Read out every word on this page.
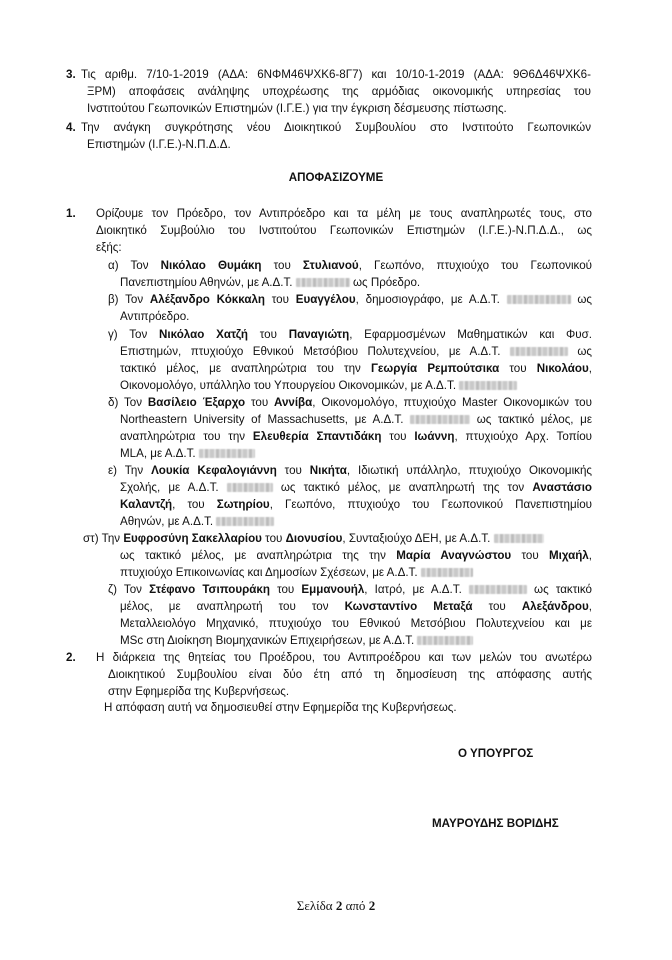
3. Τις αριθμ. 7/10-1-2019 (ΑΔΑ: 6ΝΦΜ46ΨΧΚ6-8Γ7) και 10/10-1-2019 (ΑΔΑ: 9Θ6Δ46ΨΧΚ6-
ΞΡΜ) αποφάσεις ανάληψης υποχρέωσης της αρμόδιας οικονομικής υπηρεσίας του
Ινστιτούτου Γεωπονικών Επιστημών (Ι.Γ.Ε.) για την έγκριση δέσμευσης πίστωσης.
4. Την ανάγκη συγκρότησης νέου Διοικητικού Συμβουλίου στο Ινστιτούτο Γεωπονικών
Επιστημών (Ι.Γ.Ε.)-Ν.Π.Δ.Δ.
ΑΠΟΦΑΣΙΖΟΥΜΕ
1. Ορίζουμε τον Πρόεδρο, τον Αντιπρόεδρο και τα μέλη με τους αναπληρωτές τους, στο
Διοικητικό Συμβούλιο του Ινστιτούτου Γεωπονικών Επιστημών (Ι.Γ.Ε.)-Ν.Π.Δ.Δ., ως
εξής:
α) Τον Νικόλαο Θυμάκη του Στυλιανού, Γεωπόνο, πτυχιούχο του Γεωπονικού
Πανεπιστημίου Αθηνών, με Α.Δ.Τ.	ως Πρόεδρο.
β) Τον Αλέξανδρο Κόκκαλη του Ευαγγέλου, δημοσιογράφο, με Α.Δ.Τ.	ως
Αντιπρόεδρο.
γ) Τον Νικόλαο Χατζή του Παναγιώτη, Εφαρμοσμένων Μαθηματικών και Φυσ.
Επιστημών, πτυχιούχο Εθνικού Μετσόβιου Πολυτεχνείου, με Α.Δ.Τ.	ως
τακτικό μέλος, με αναπληρώτρια του την Γεωργία Ρεμπούτσικα του Νικολάου,
Οικονομολόγο, υπάλληλο του Υπουργείου Οικονομικών, με Α.Δ.Τ.
δ) Τον Βασίλειο Έξαρχο του Αννίβα, Οικονομολόγο, πτυχιούχο Master Οικονομικών του
Northeastern University of Massachusetts, με Α.Δ.Τ.	ως τακτικό μέλος, με
αναπληρώτρια του την Ελευθερία Σπαντιδάκη του Ιωάννη, πτυχιούχο Αρχ. Τοπίου
MLA, με Α.Δ.Τ.
ε) Την Λουκία Κεφαλογιάννη του Νικήτα, Ιδιωτική υπάλληλο, πτυχιούχο Οικονομικής
Σχολής, με Α.Δ.Τ.	ως τακτικό μέλος, με αναπληρωτή της τον Αναστάσιο
Καλαντζή, του Σωτηρίου, Γεωπόνο, πτυχιούχο του Γεωπονικού Πανεπιστημίου
Αθηνών, με Α.Δ.Τ.
στ) Την Ευφροσύνη Σακελλαρίου του Διονυσίου, Συνταξιούχο ΔΕΗ, με Α.Δ.Τ.
ως τακτικό μέλος, με αναπληρώτρια της την Μαρία Αναγνώστου του Μιχαήλ,
πτυχιούχο Επικοινωνίας και Δημοσίων Σχέσεων, με Α.Δ.Τ.
ζ) Τον Στέφανο Τσιπουράκη του Εμμανουήλ, Ιατρό, με Α.Δ.Τ.	ως τακτικό
μέλος, με αναπληρωτή του τον Κωνσταντίνο Μεταξά του Αλεξάνδρου,
Μεταλλειολόγο Μηχανικό, πτυχιούχο του Εθνικού Μετσόβιου Πολυτεχνείου και με
MSc στη Διοίκηση Βιομηχανικών Επιχειρήσεων, με Α.Δ.Τ.
2. Η διάρκεια της θητείας του Προέδρου, του Αντιπροέδρου και των μελών του ανωτέρω
Διοικητικού Συμβουλίου είναι δύο έτη από τη δημοσίευση της απόφασης αυτής
στην Εφημερίδα της Κυβερνήσεως.
Η απόφαση αυτή να δημοσιευθεί στην Εφημερίδα της Κυβερνήσεως.
Ο ΥΠΟΥΡΓΟΣ
ΜΑΥΡΟΥΔΗΣ ΒΟΡΙΔΗΣ
Σελίδα 2 από 2
